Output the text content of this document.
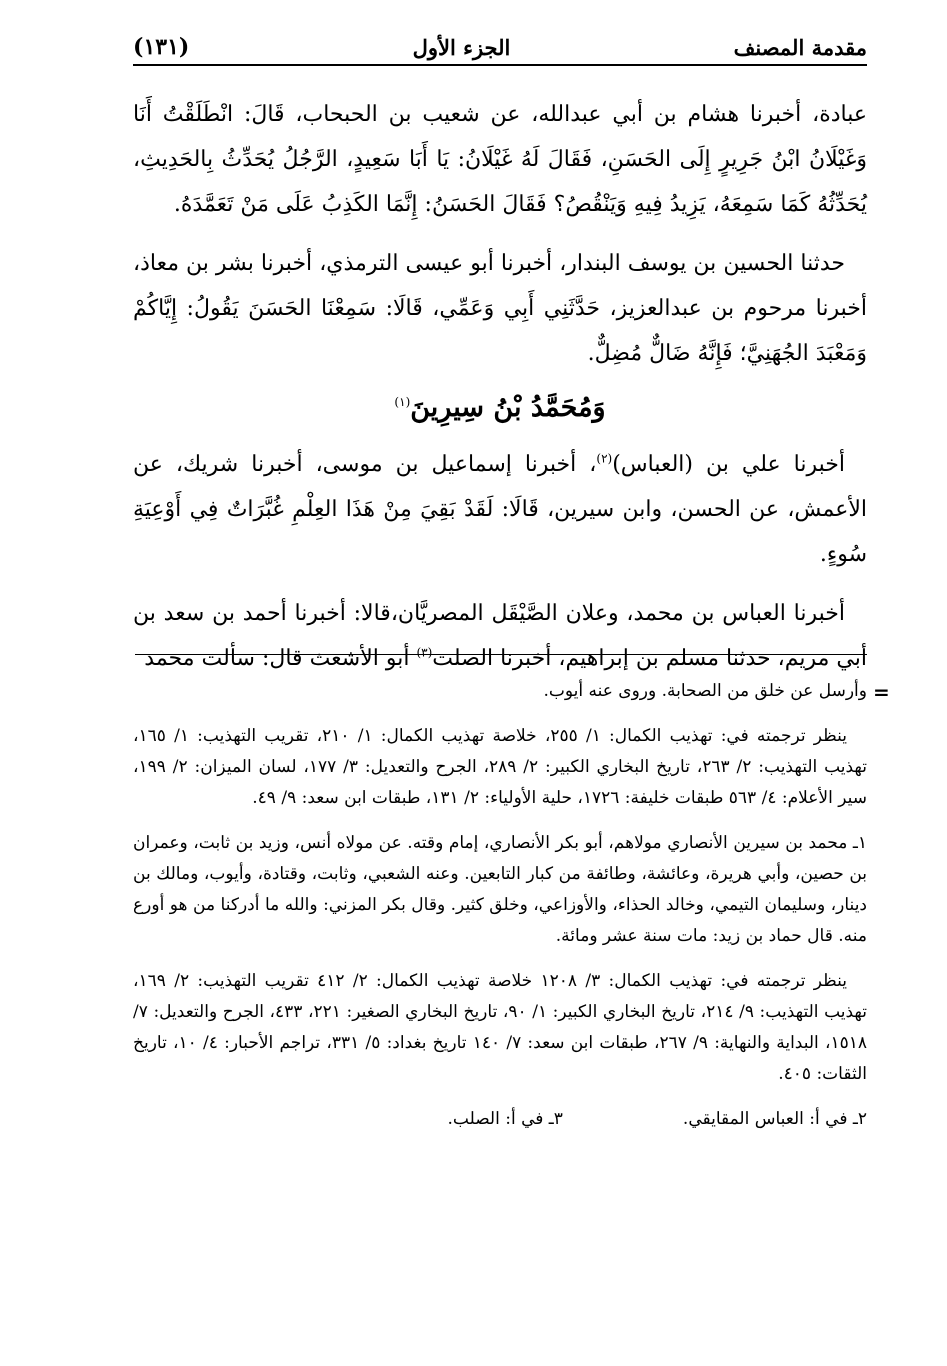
مقدمة المصنف
الجزء الأول
(١٣١)

عبادة، أخبرنا هشام بن أبي عبدالله، عن شعيب بن الحبحاب، قَالَ: انْطَلَقْتُ أَنَا وَغَيْلَانُ ابْنُ جَرِيرٍ إِلَى الحَسَنِ، فَقَالَ لَهُ غَيْلَانُ: يَا أَبَا سَعِيدٍ، الرَّجُلُ يُحَدِّثُ بِالحَدِيثِ، يُحَدِّثُهُ كَمَا سَمِعَهُ، يَزِيدُ فِيهِ وَيَنْقُصُ؟ فَقَالَ الحَسَنُ: إِنَّمَا الكَذِبُ عَلَى مَنْ تَعَمَّدَهُ.

حدثنا الحسين بن يوسف البندار، أخبرنا أبو عيسى الترمذي، أخبرنا بشر بن معاذ، أخبرنا مرحوم بن عبدالعزيز، حَدَّثَنِي أَبِي وَعَمِّي، قَالَا: سَمِعْنَا الحَسَنَ يَقُولُ: إِيَّاكُمْ وَمَعْبَدَ الجُهَنِيَّ؛ فَإِنَّهُ ضَالٌّ مُضِلٌّ.

وَمُحَمَّدُ بْنُ سِيرِينَ$^{(١)}$

أخبرنا علي بن (العباس)$^{(٢)}$، أخبرنا إسماعيل بن موسى، أخبرنا شريك، عن الأعمش، عن الحسن، وابن سيرين، قَالَا: لَقَدْ بَقِيَ مِنْ هَذَا العِلْمِ غُبَّرَاتٌ فِي أَوْعِيَةِ سُوءٍ.

أخبرنا العباس بن محمد، وعلان الصَّيْقَل المصريَّان،قالا: أخبرنا أحمد بن سعد بن أبي مريم، حدثنا مسلم بن إبراهيم، أخبرنا الصلت$^{(٣)}$ أبو الأشعث قال: سألت محمد

=

وأرسل عن خلق من الصحابة. وروى عنه أيوب.

ينظر ترجمته في: تهذيب الكمال: ١/ ٢٥٥، خلاصة تهذيب الكمال: ١/ ٢١٠، تقريب التهذيب: ١/ ١٦٥، تهذيب التهذيب: ٢/ ٢٦٣، تاريخ البخاري الكبير: ٢/ ٢٨٩، الجرح والتعديل: ٣/ ١٧٧، لسان الميزان: ٢/ ١٩٩، سير الأعلام: ٤/ ٥٦٣ طبقات خليفة: ١٧٢٦، حلية الأولياء: ٢/ ١٣١، طبقات ابن سعد: ٩/ ٤٩.

١ـ محمد بن سيرين الأنصاري مولاهم، أبو بكر الأنصاري، إمام وقته. عن مولاه أنس، وزيد بن ثابت، وعمران بن حصين، وأبي هريرة، وعائشة، وطائفة من كبار التابعين. وعنه الشعبي، وثابت، وقتادة، وأيوب، ومالك بن دينار، وسليمان التيمي، وخالد الحذاء، والأوزاعي، وخلق كثير. وقال بكر المزني: والله ما أدركنا من هو أورع منه. قال حماد بن زيد: مات سنة عشر ومائة.

ينظر ترجمته في: تهذيب الكمال: ٣/ ١٢٠٨ خلاصة تهذيب الكمال: ٢/ ٤١٢ تقريب التهذيب: ٢/ ١٦٩، تهذيب التهذيب: ٩/ ٢١٤، تاريخ البخاري الكبير: ١/ ٩٠، تاريخ البخاري الصغير: ٢٢١، ٤٣٣، الجرح والتعديل: ٧/ ١٥١٨، البداية والنهاية: ٩/ ٢٦٧، طبقات ابن سعد: ٧/ ١٤٠ تاريخ بغداد: ٥/ ٣٣١، تراجم الأحبار: ٤/ ١٠، تاريخ الثقات: ٤٠٥.

٢ـ في أ: العباس المقايقي.
٣ـ في أ: الصلب.
